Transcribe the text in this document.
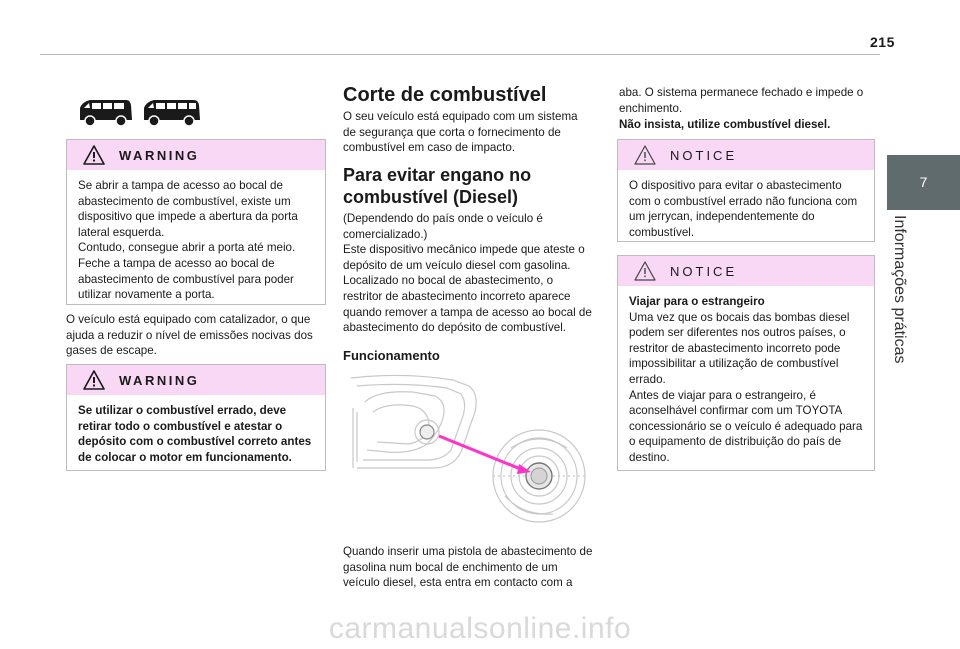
215
7
Informações práticas
WARNING
Se abrir a tampa de acesso ao bocal de abastecimento de combustível, existe um dispositivo que impede a abertura da porta lateral esquerda.
Contudo, consegue abrir a porta até meio.
Feche a tampa de acesso ao bocal de abastecimento de combustível para poder utilizar novamente a porta.
O veículo está equipado com catalizador, o que ajuda a reduzir o nível de emissões nocivas dos gases de escape.
WARNING
Se utilizar o combustível errado, deve retirar todo o combustível e atestar o depósito com o combustível correto antes de colocar o motor em funcionamento.
Corte de combustível
O seu veículo está equipado com um sistema de segurança que corta o fornecimento de combustível em caso de impacto.
Para evitar engano no combustível (Diesel)
(Dependendo do país onde o veículo é comercializado.)
Este dispositivo mecânico impede que ateste o depósito de um veículo diesel com gasolina. Localizado no bocal de abastecimento, o restritor de abastecimento incorreto aparece quando remover a tampa de acesso ao bocal de abastecimento do depósito de combustível.
Funcionamento
Quando inserir uma pistola de abastecimento de gasolina num bocal de enchimento de um veículo diesel, esta entra em contacto com a
aba. O sistema permanece fechado e impede o enchimento.
Não insista, utilize combustível diesel.
NOTICE
O dispositivo para evitar o abastecimento com o combustível errado não funciona com um jerrycan, independentemente do combustível.
NOTICE
Viajar para o estrangeiro
Uma vez que os bocais das bombas diesel podem ser diferentes nos outros países, o restritor de abastecimento incorreto pode impossibilitar a utilização de combustível errado.
Antes de viajar para o estrangeiro, é aconselhável confirmar com um TOYOTA concessionário se o veículo é adequado para o equipamento de distribuição do país de destino.
carmanualsonline.info
